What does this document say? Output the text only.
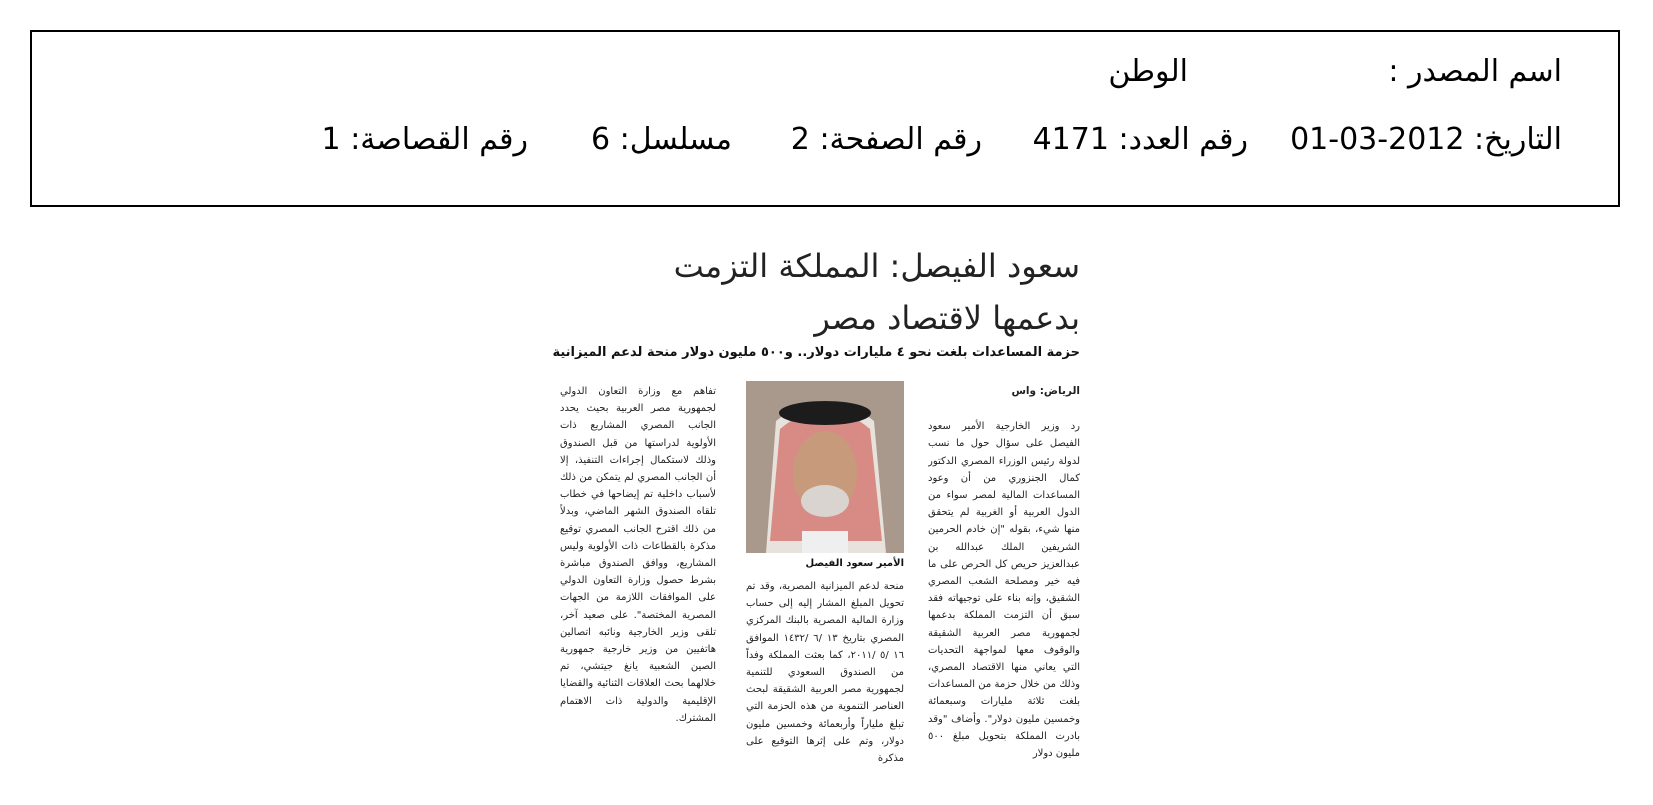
اسم المصدر :
الوطن
التاريخ: 2012-03-01
رقم العدد: 4171
رقم الصفحة: 2
مسلسل: 6
رقم القصاصة: 1
سعود الفيصل: المملكة التزمت
بدعمها لاقتصاد مصر
حزمة المساعدات بلغت نحو ٤ مليارات دولار.. و٥٠٠ مليون دولار منحة لدعم الميزانية
الرياض: واس
رد وزير الخارجية الأمير سعود الفيصل على سؤال حول ما نسب لدولة رئيس الوزراء المصري الدكتور كمال الجنزوري من أن وعود المساعدات المالية لمصر سواء من الدول العربية أو الغربية لم يتحقق منها شيء، بقوله "إن خادم الحرمين الشريفين الملك عبدالله بن عبدالعزيز حريص كل الحرص على ما فيه خير ومصلحة الشعب المصري الشقيق، وإنه بناء على توجيهاته فقد سبق أن التزمت المملكة بدعمها لجمهورية مصر العربية الشقيقة والوقوف معها لمواجهة التحديات التي يعاني منها الاقتصاد المصري، وذلك من خلال حزمة من المساعدات بلغت ثلاثة مليارات وسبعمائة وخمسين مليون دولار". وأضاف "وقد بادرت المملكة بتحويل مبلغ ٥٠٠ مليون دولار
الأمير سعود الفيصل
منحة لدعم الميزانية المصرية، وقد تم تحويل المبلغ المشار إليه إلى حساب وزارة المالية المصرية بالبنك المركزي المصري بتاريخ ١٣ /٦ /١٤٣٢ الموافق ١٦ /٥ /٢٠١١، كما بعثت المملكة وفداً من الصندوق السعودي للتنمية لجمهورية مصر العربية الشقيقة لبحث العناصر التنموية من هذه الحزمة التي تبلغ ملياراً وأربعمائة وخمسين مليون دولار، وتم على إثرها التوقيع على مذكرة
تفاهم مع وزارة التعاون الدولي لجمهورية مصر العربية بحيث يحدد الجانب المصري المشاريع ذات الأولوية لدراستها من قبل الصندوق وذلك لاستكمال إجراءات التنفيذ، إلا أن الجانب المصري لم يتمكن من ذلك لأسباب داخلية تم إيضاحها في خطاب تلقاه الصندوق الشهر الماضي، وبدلاً من ذلك اقترح الجانب المصري توقيع مذكرة بالقطاعات ذات الأولوية وليس المشاريع، ووافق الصندوق مباشرة بشرط حصول وزارة التعاون الدولي على الموافقات اللازمة من الجهات المصرية المختصة". على صعيد آخر، تلقى وزير الخارجية ونائبه اتصالين هاتفيين من وزير خارجية جمهورية الصين الشعبية يانغ جيتشي، تم خلالهما بحث العلاقات الثنائية والقضايا الإقليمية والدولية ذات الاهتمام المشترك.
